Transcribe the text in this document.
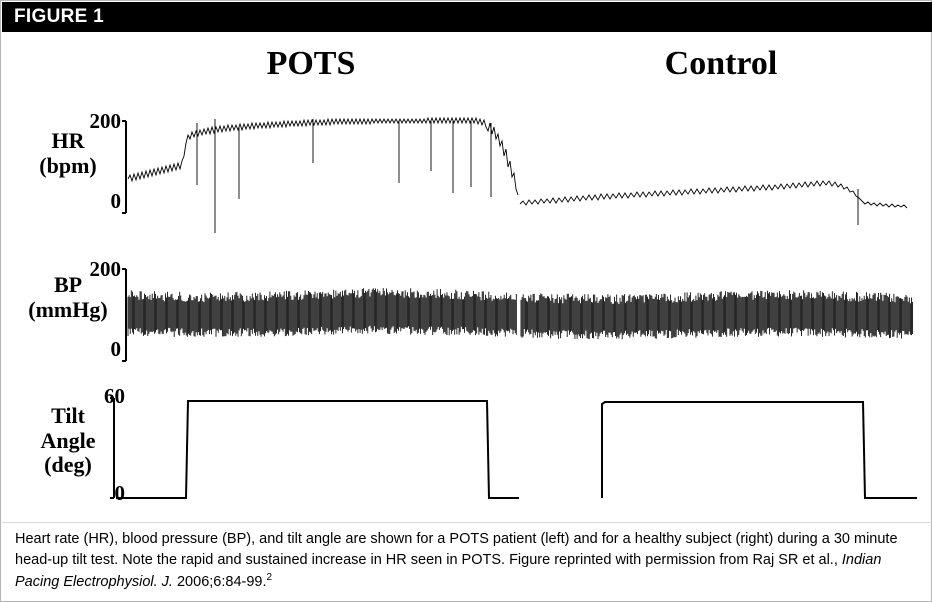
FIGURE 1
POTS	Control
HR
(bpm)
200
0
BP
(mmHg)
200
0
Tilt
Angle
(deg)
60
0
Heart rate (HR), blood pressure (BP), and tilt angle are shown for a POTS patient (left) and for a healthy subject (right) during a 30 minute head-up tilt test. Note the rapid and sustained increase in HR seen in POTS. Figure reprinted with permission from Raj SR et al., Indian Pacing Electrophysiol. J. 2006;6:84-99.$^2$
